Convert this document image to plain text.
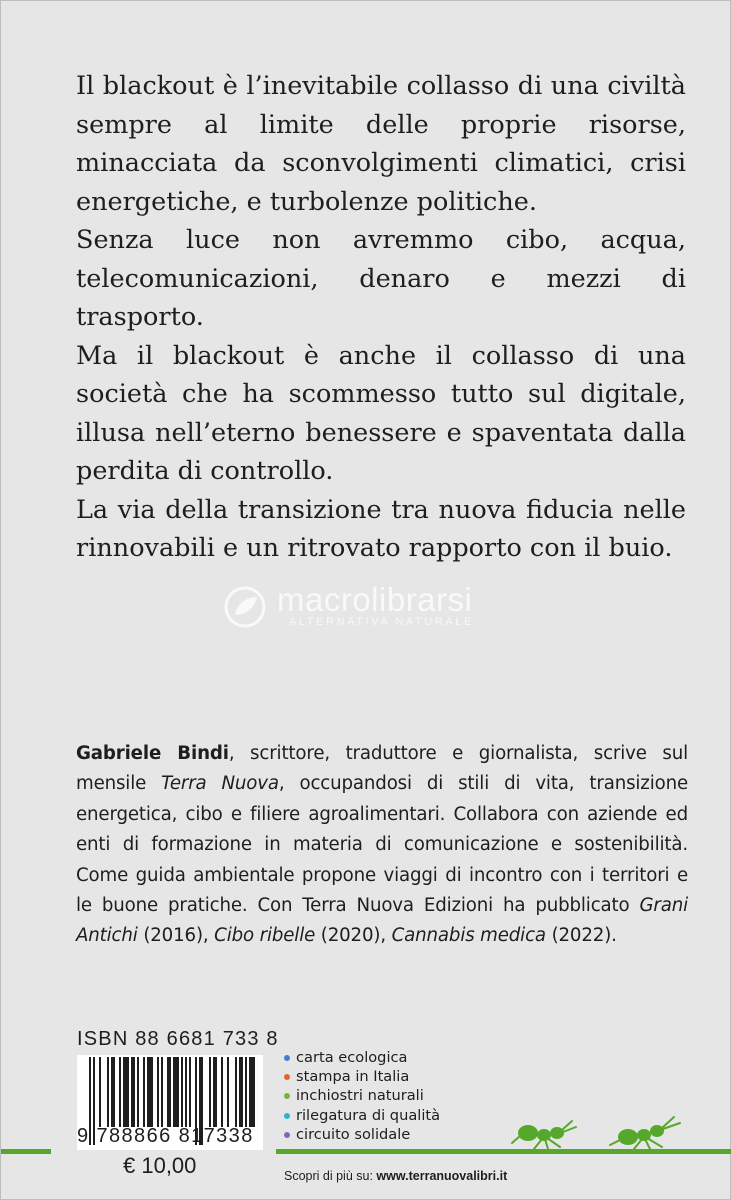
Il blackout è l’inevitabile collasso di una civiltà sempre al limite delle proprie risorse, minacciata da sconvolgimenti climatici, crisi energetiche, e turbolenze politiche.

Senza luce non avremmo cibo, acqua, telecomunicazioni, denaro e mezzi di trasporto.

Ma il blackout è anche il collasso di una società che ha scommesso tutto sul digitale, illusa nell’eterno benessere e spaventata dalla perdita di controllo.

La via della transizione tra nuova fiducia nelle rinnovabili e un ritrovato rapporto con il buio.

macrolibrarsi
ALTERNATIVA NATURALE
Gabriele Bindi, scrittore, traduttore e giornalista, scrive sul mensile Terra Nuova, occupandosi di stili di vita, transizione energetica, cibo e filiere agroalimentari. Collabora con aziende ed enti di formazione in materia di comunicazione e sostenibilità. Come guida ambientale propone viaggi di incontro con i territori e le buone pratiche. Con Terra Nuova Edizioni ha pubblicato Grani Antichi (2016), Cibo ribelle (2020), Cannabis medica (2022).
ISBN 88 6681 733 8
9 788866 817338
€ 10,00
carta ecologica
stampa in Italia
inchiostri naturali
rilegatura di qualità
circuito solidale
Scopri di più su: www.terranuovalibri.it
